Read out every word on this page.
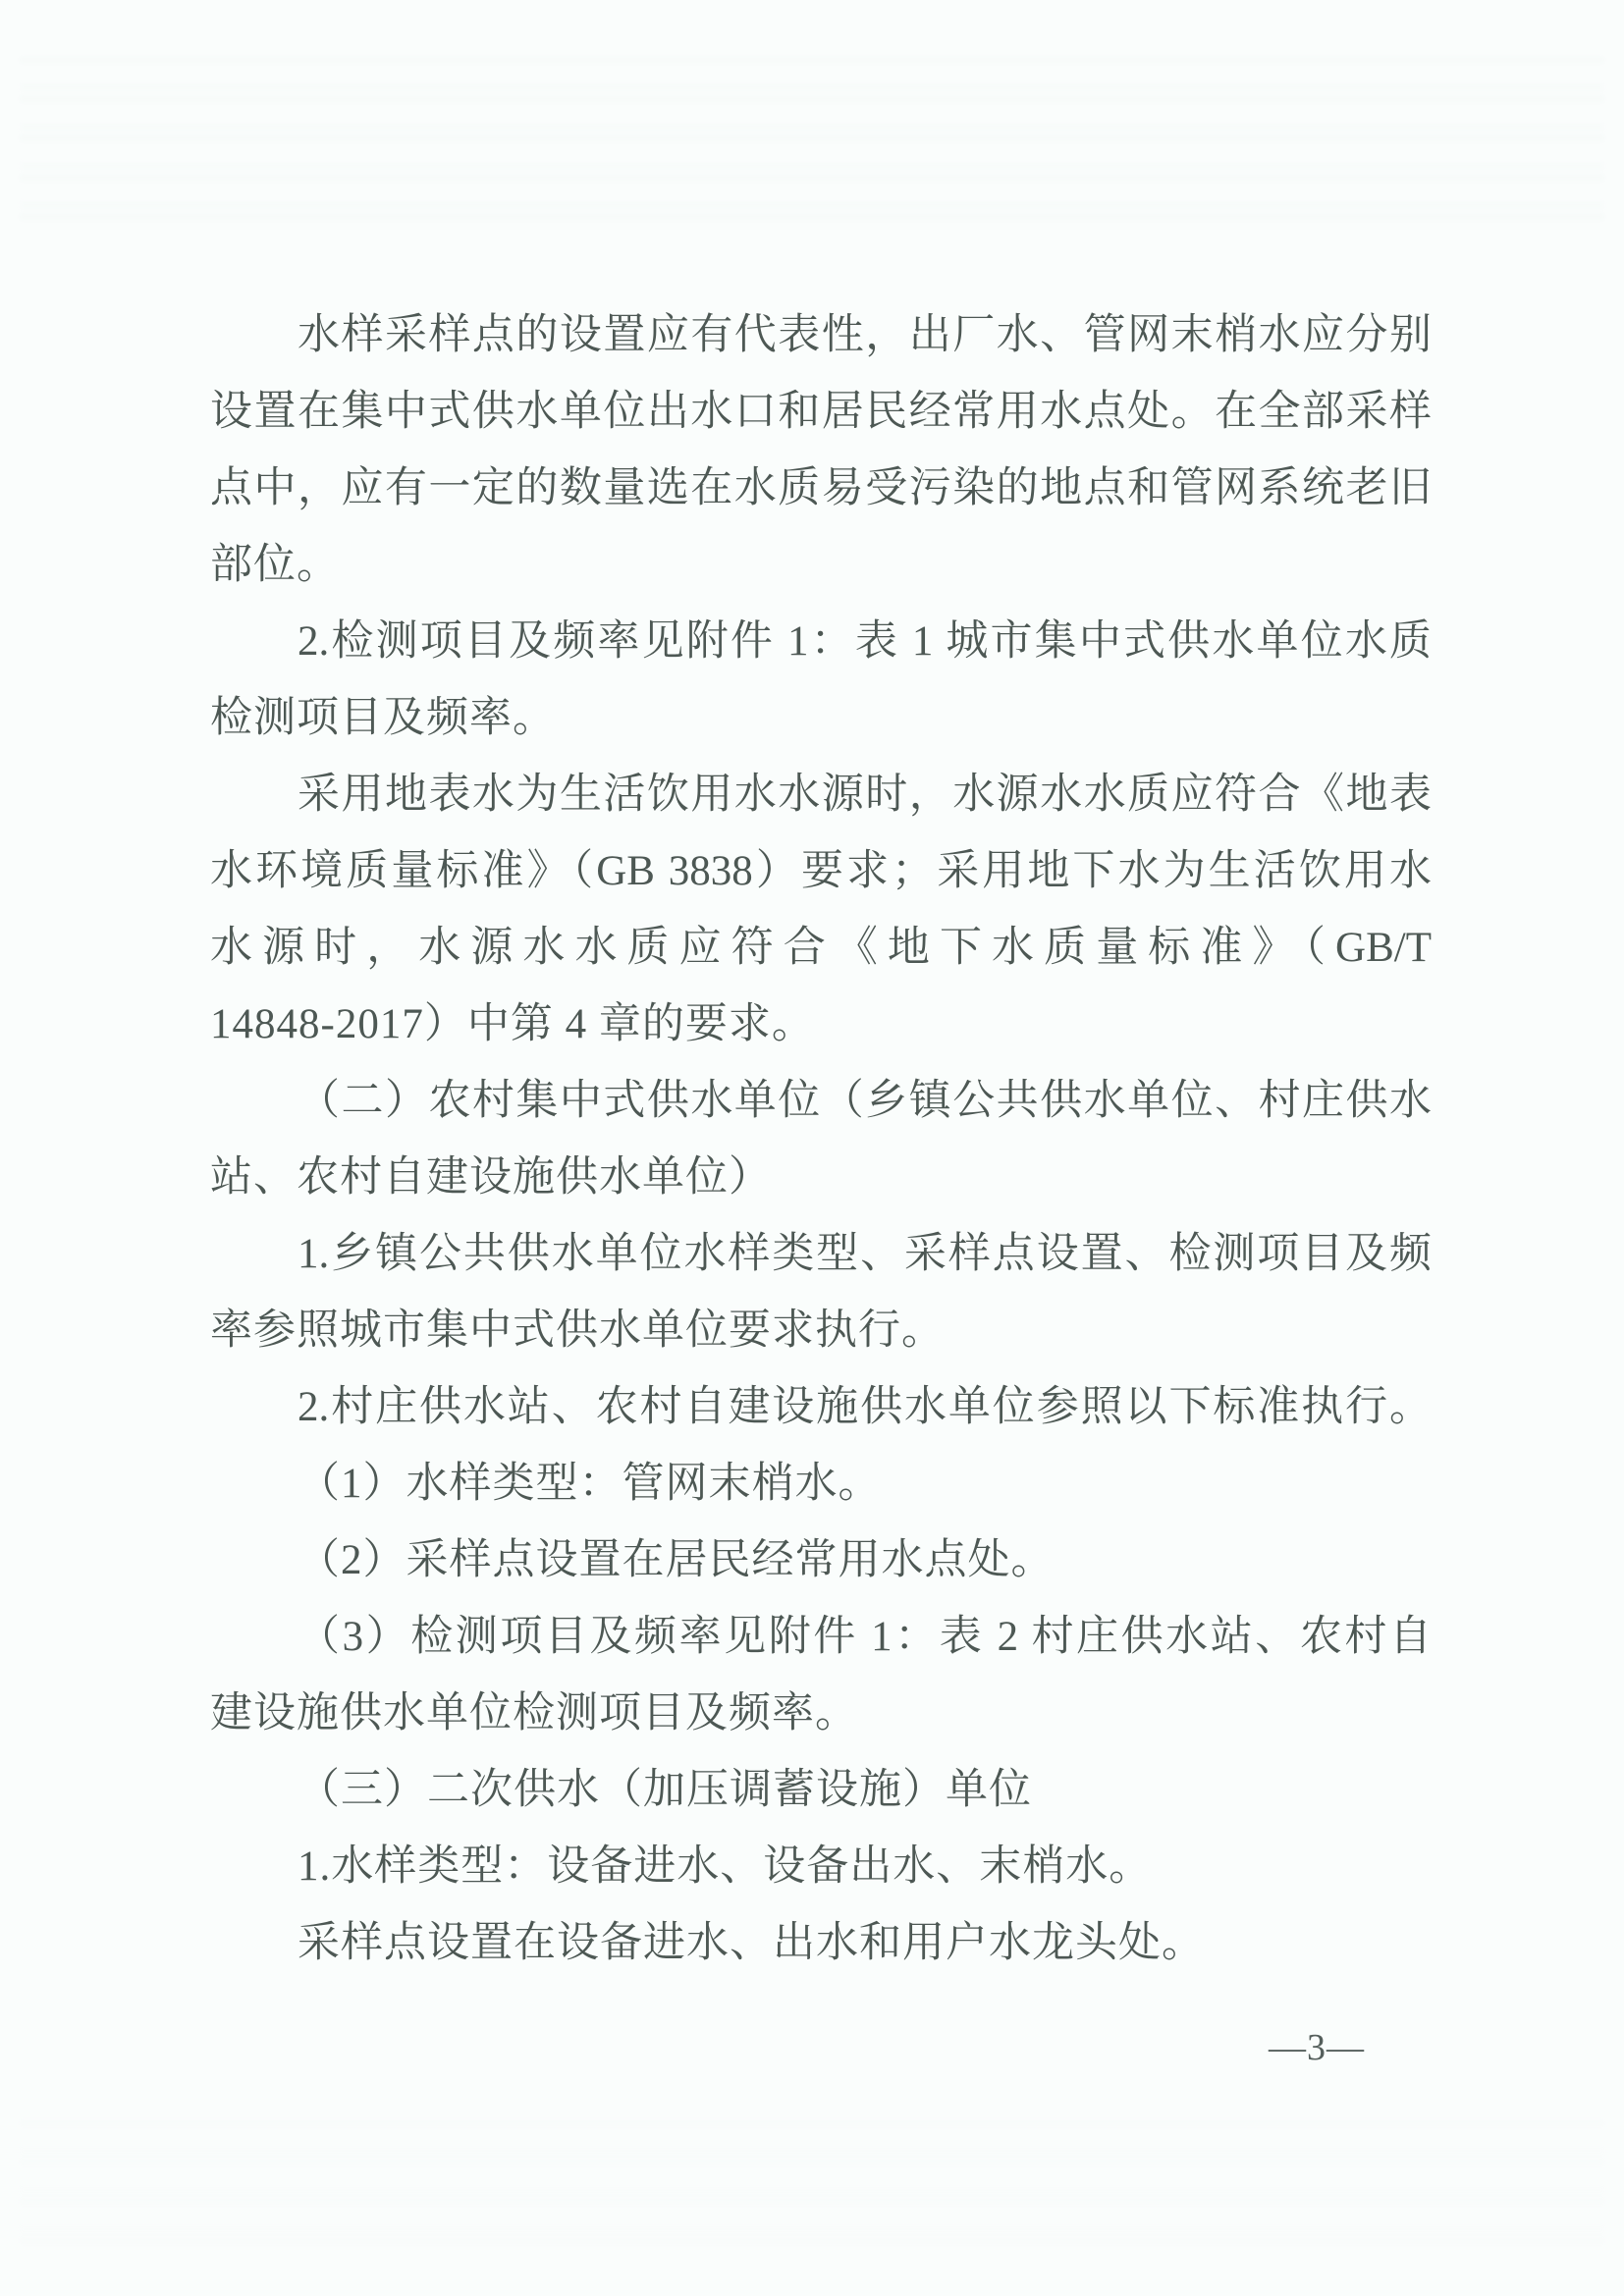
水样采样点的设置应有代表性，出厂水、管网末梢水应分别

设置在集中式供水单位出水口和居民经常用水点处。在全部采样

点中，应有一定的数量选在水质易受污染的地点和管网系统老旧

部位。

2.检测项目及频率见附件 1：表 1 城市集中式供水单位水质

检测项目及频率。

采用地表水为生活饮用水水源时，水源水水质应符合《地表

水环境质量标准》（GB 3838）要求；采用地下水为生活饮用水

水源时，水源水水质应符合《地下水质量标准》（GB/T

14848-2017）中第 4 章的要求。

（二）农村集中式供水单位（乡镇公共供水单位、村庄供水

站、农村自建设施供水单位）

1.乡镇公共供水单位水样类型、采样点设置、检测项目及频

率参照城市集中式供水单位要求执行。

2.村庄供水站、农村自建设施供水单位参照以下标准执行。

（1）水样类型：管网末梢水。

（2）采样点设置在居民经常用水点处。

（3）检测项目及频率见附件 1：表 2 村庄供水站、农村自

建设施供水单位检测项目及频率。

（三）二次供水（加压调蓄设施）单位

1.水样类型：设备进水、设备出水、末梢水。

采样点设置在设备进水、出水和用户水龙头处。

—3—
